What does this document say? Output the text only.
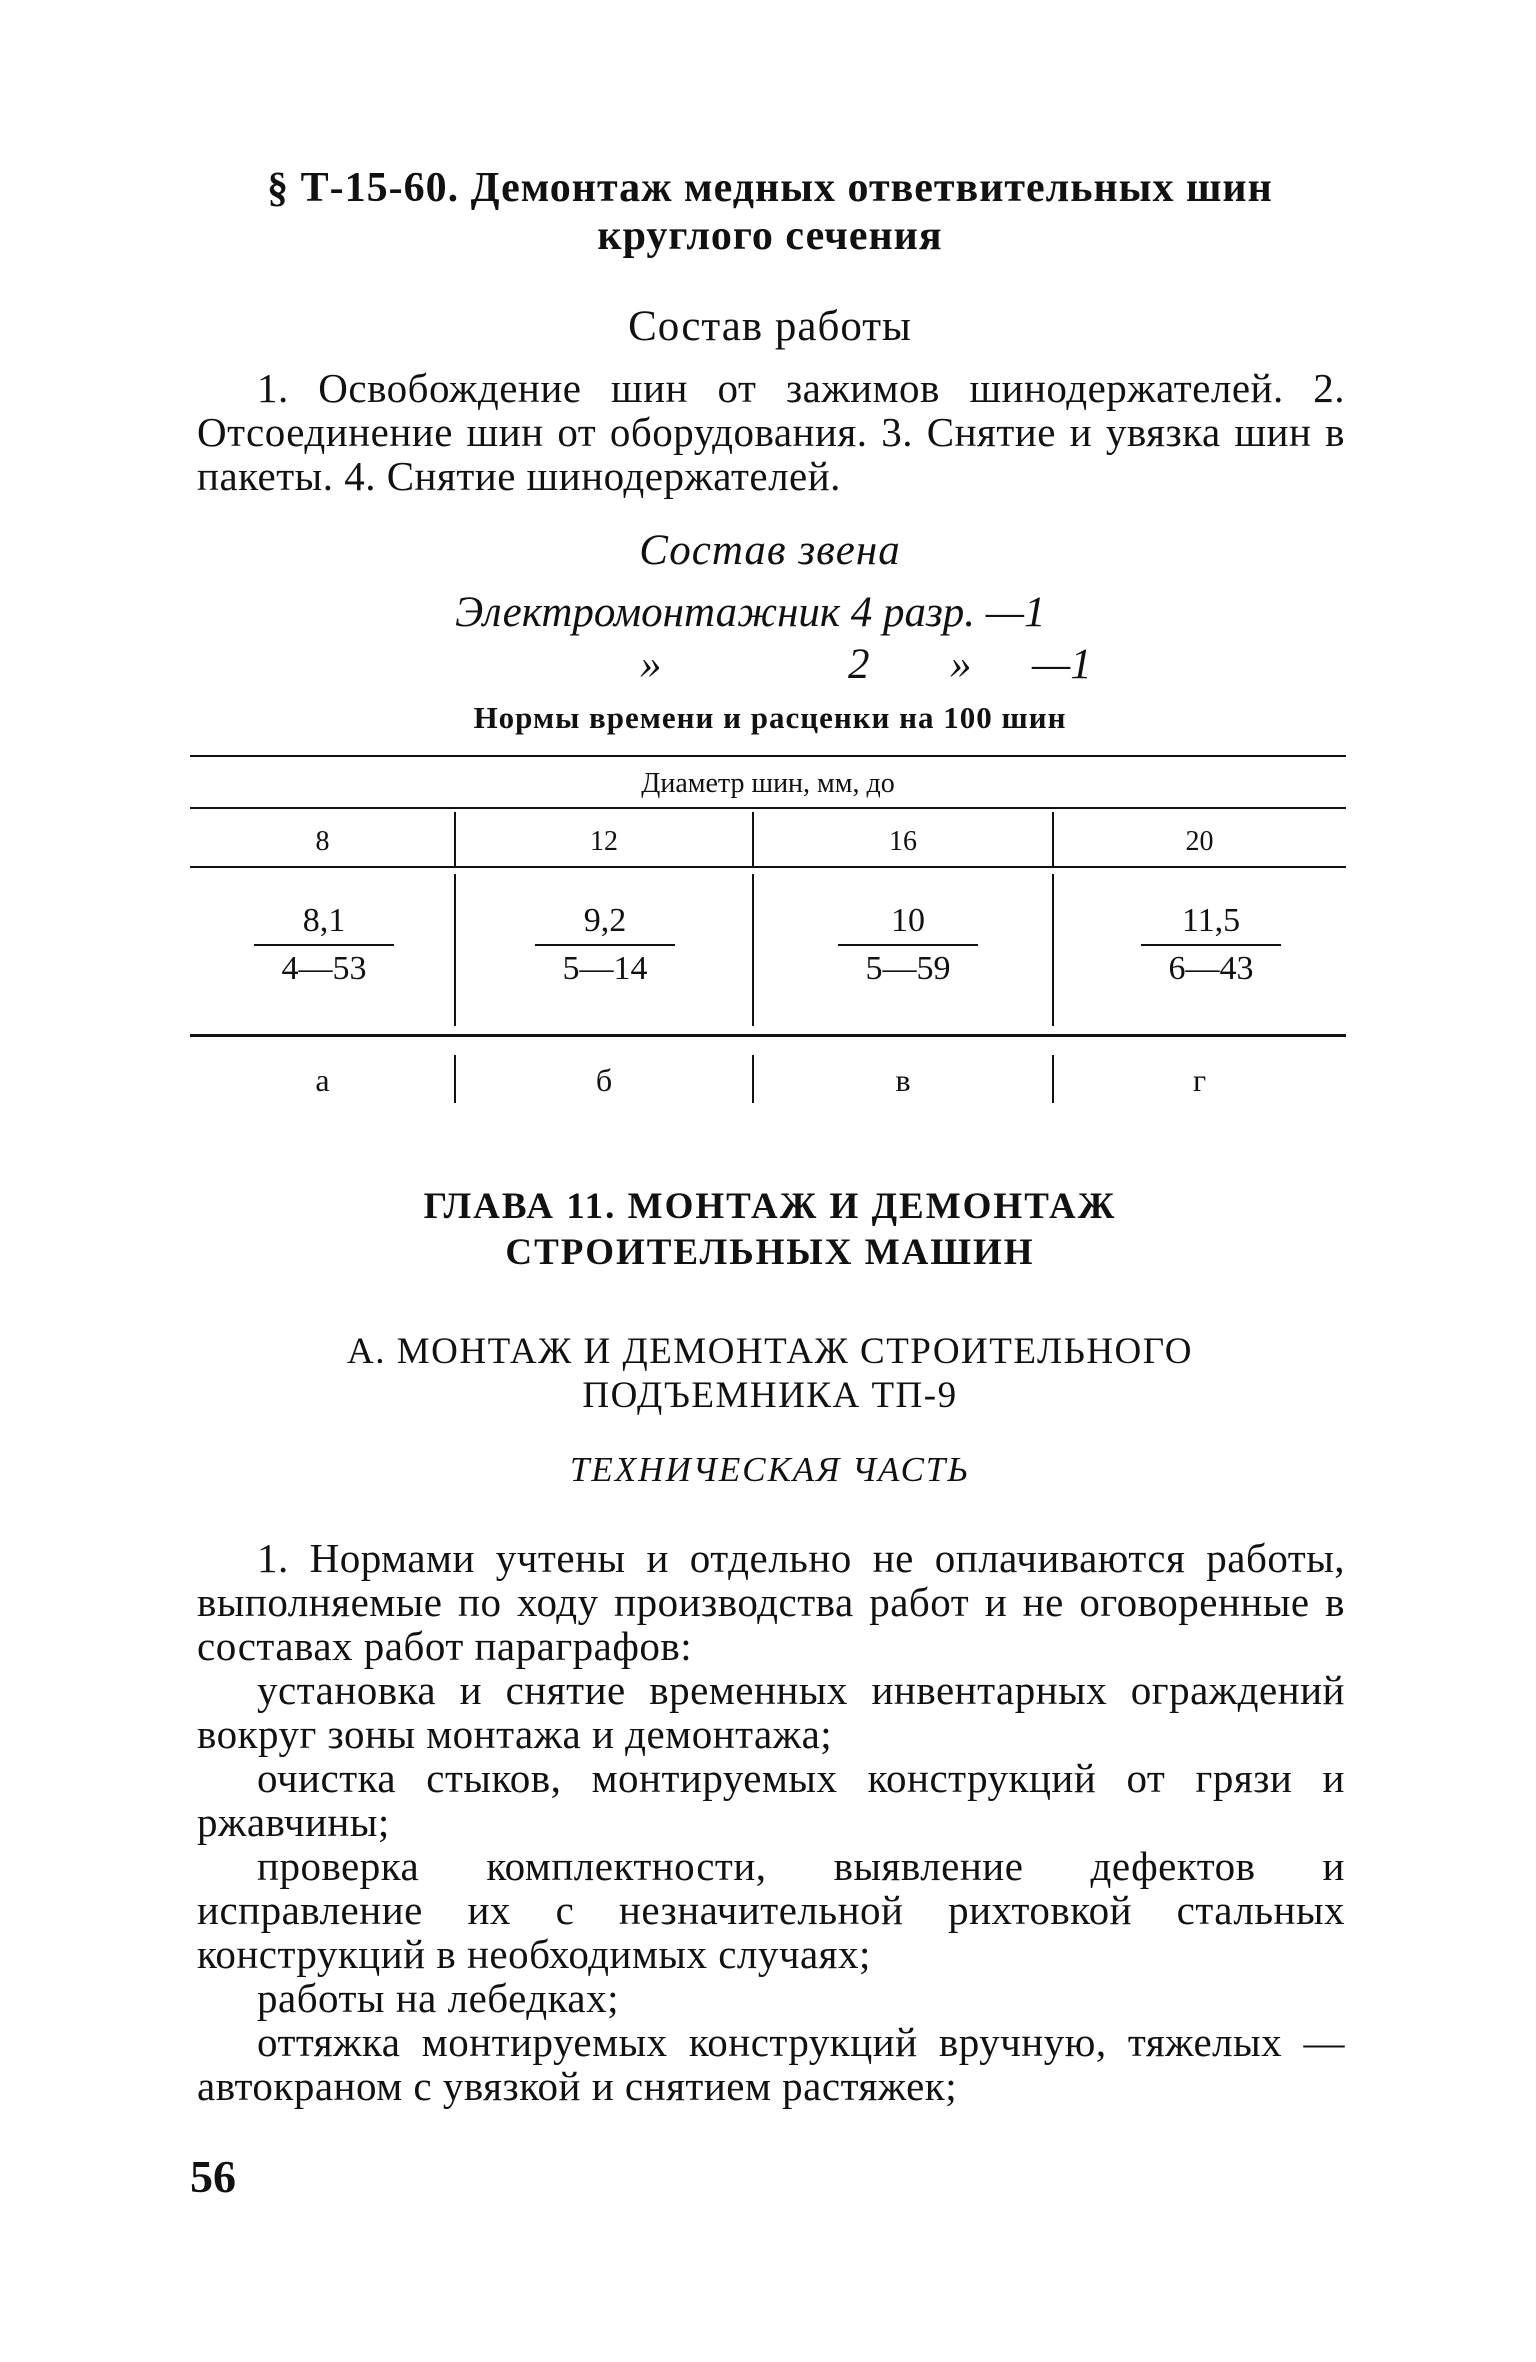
§ Т-15-60. Демонтаж медных ответвительных шин
круглого сечения
Состав работы
1. Освобождение шин от зажимов шинодержателей. 2. Отсоединение шин от оборудования. 3. Снятие и увязка шин в пакеты. 4. Снятие шинодержателей.
Состав звена
Электромонтажник 4 разр. —1
»	2 » —1
Нормы времени и расценки на 100 шин
Диаметр шин, мм, до
8	12	16	20
$\frac{8,1}{4—53}$	$\frac{9,2}{5—14}$	$\frac{10}{5—59}$	$\frac{11,5}{6—43}$
а	б	в	г
ГЛАВА 11. МОНТАЖ И ДЕМОНТАЖ
СТРОИТЕЛЬНЫХ МАШИН
А. МОНТАЖ И ДЕМОНТАЖ СТРОИТЕЛЬНОГО
ПОДЪЕМНИКА ТП-9
ТЕХНИЧЕСКАЯ ЧАСТЬ
1. Нормами учтены и отдельно не оплачиваются работы, выполняемые по ходу производства работ и не оговоренные в составах работ параграфов:
установка и снятие временных инвентарных ограждений вокруг зоны монтажа и демонтажа;
очистка стыков, монтируемых конструкций от грязи и ржавчины;
проверка комплектности, выявление дефектов и исправление их с незначительной рихтовкой стальных конструкций в необходимых случаях;
работы на лебедках;
оттяжка монтируемых конструкций вручную, тяжелых — автокраном с увязкой и снятием растяжек;
56
